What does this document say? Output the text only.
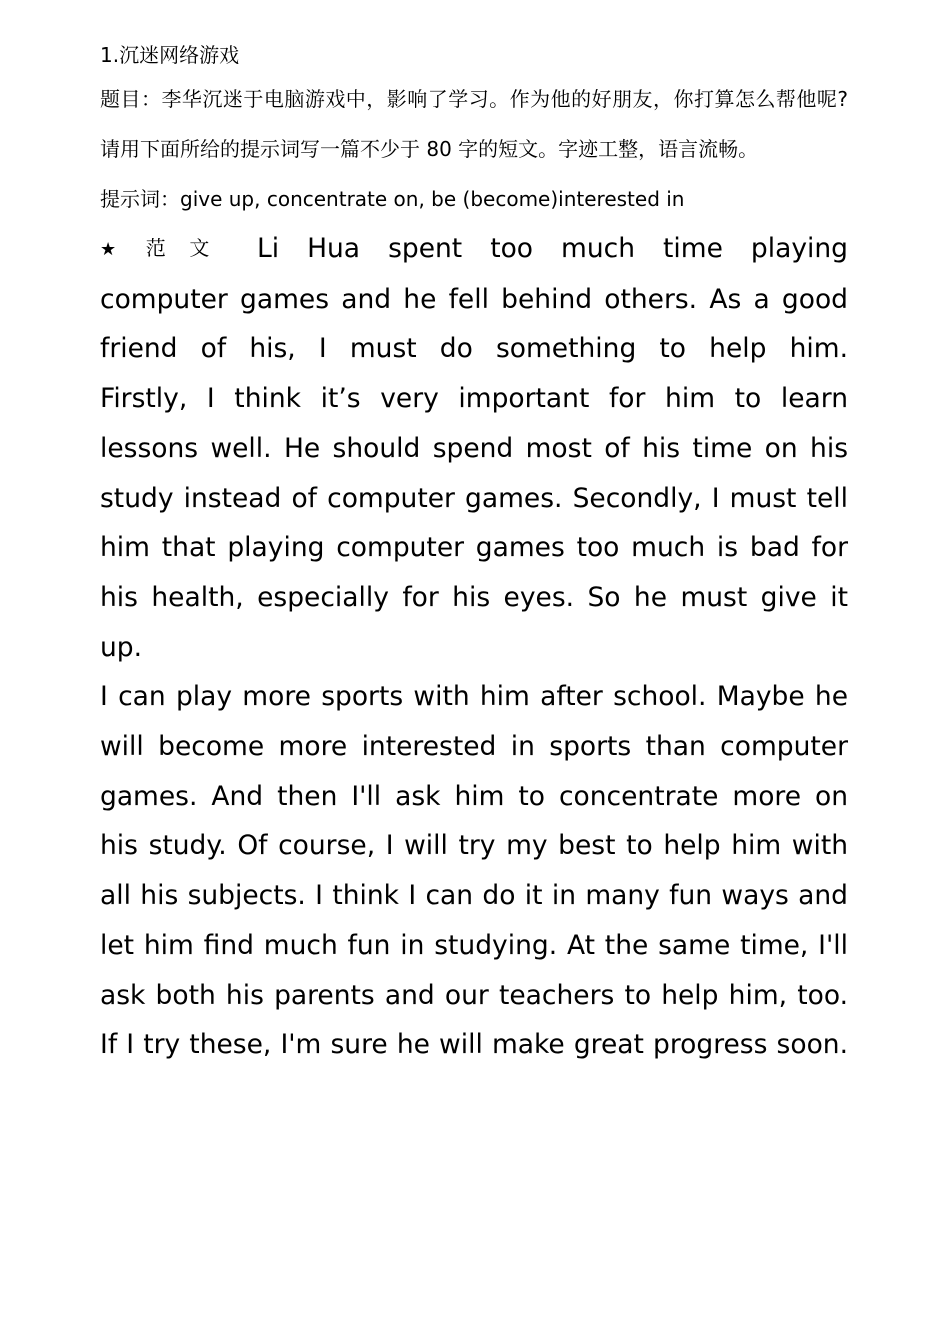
1.沉迷网络游戏

题目：李华沉迷于电脑游戏中，影响了学习。作为他的好朋友，你打算怎么帮他呢?请用下面所给的提示词写一篇不少于 80 字的短文。字迹工整，语言流畅。

提示词：give up, concentrate on, be (become)interested in

★ 范文 Li Hua spent too much time playing

computer games and he fell behind others. As a good

friend of his, I must do something to help him.

Firstly, I think it’s very important for him to learn

lessons well. He should spend most of his time on his

study instead of computer games. Secondly, I must tell

him that playing computer games too much is bad for

his health, especially for his eyes. So he must give it up.

I can play more sports with him after school. Maybe he

will become more interested in sports than computer

games. And then I'll ask him to concentrate more on

his study. Of course, I will try my best to help him with

all his subjects. I think I can do it in many fun ways and

let him find much fun in studying. At the same time, I'll

ask both his parents and our teachers to help him, too.

If I try these, I'm sure he will make great progress soon.
